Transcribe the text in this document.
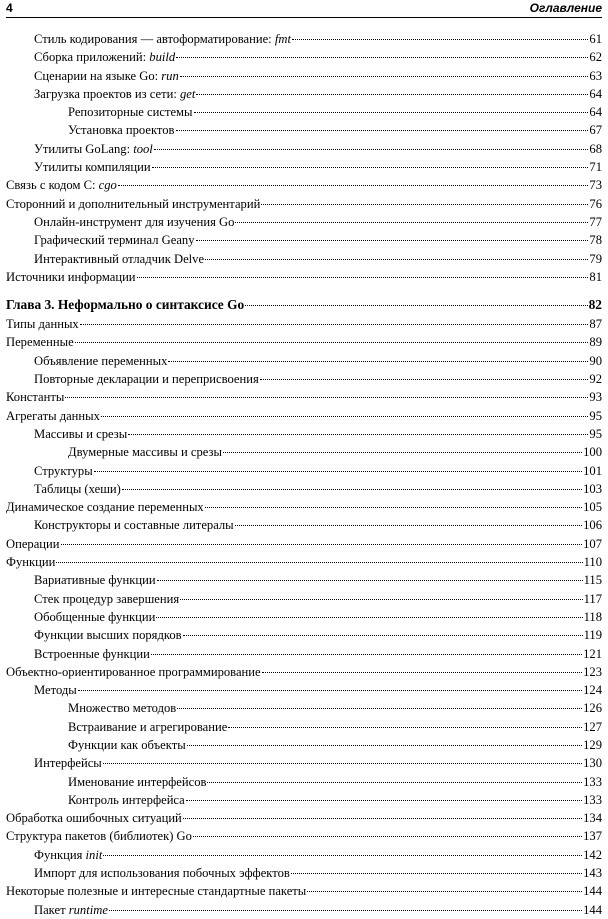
4	Оглавление
Стиль кодирования — автоформатирование: fmt	61
Сборка приложений: build	62
Сценарии на языке Go: run	63
Загрузка проектов из сети: get	64
Репозиторные системы	64
Установка проектов	67
Утилиты GoLang: tool	68
Утилиты компиляции	71
Связь с кодом C: cgo	73
Сторонний и дополнительный инструментарий	76
Онлайн-инструмент для изучения Go	77
Графический терминал Geany	78
Интерактивный отладчик Delve	79
Источники информации	81
Глава 3. Неформально о синтаксисе Go	82
Типы данных	87
Переменные	89
Объявление переменных	90
Повторные декларации и переприсвоения	92
Константы	93
Агрегаты данных	95
Массивы и срезы	95
Двумерные массивы и срезы	100
Структуры	101
Таблицы (хеши)	103
Динамическое создание переменных	105
Конструкторы и составные литералы	106
Операции	107
Функции	110
Вариативные функции	115
Стек процедур завершения	117
Обобщенные функции	118
Функции высших порядков	119
Встроенные функции	121
Объектно-ориентированное программирование	123
Методы	124
Множество методов	126
Встраивание и агрегирование	127
Функции как объекты	129
Интерфейсы	130
Именование интерфейсов	133
Контроль интерфейса	133
Обработка ошибочных ситуаций	134
Структура пакетов (библиотек) Go	137
Функция init	142
Импорт для использования побочных эффектов	143
Некоторые полезные и интересные стандартные пакеты	144
Пакет runtime	144
